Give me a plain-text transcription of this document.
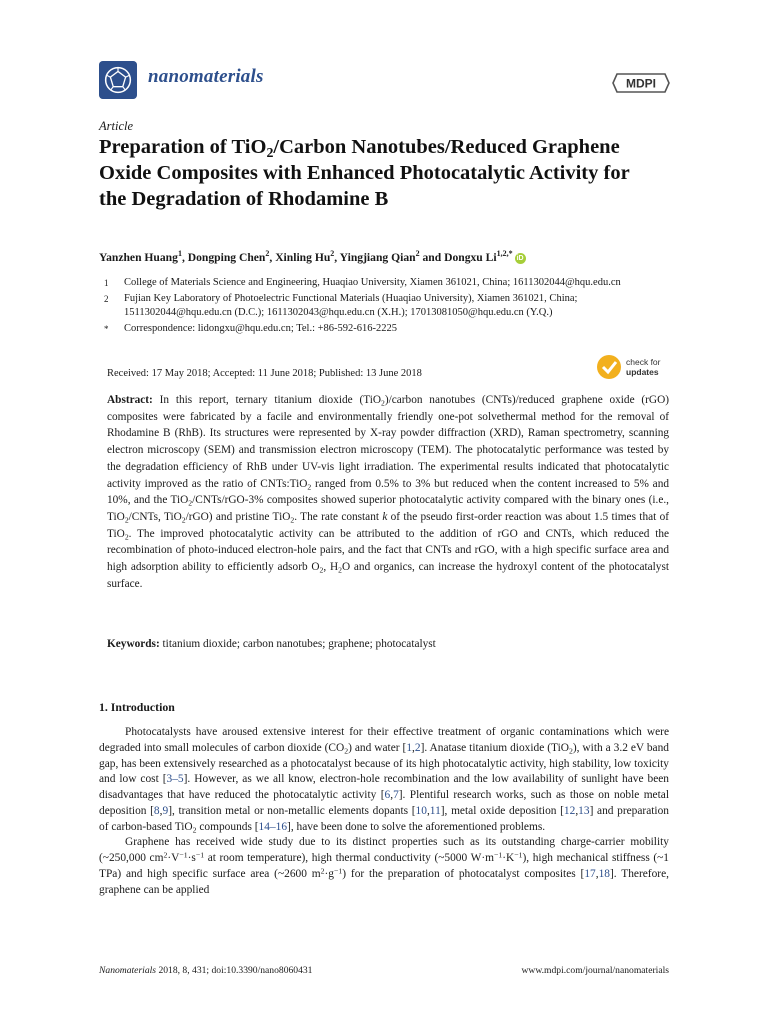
nanomaterials	MDPI
Article
Preparation of TiO$_2$/Carbon Nanotubes/Reduced Graphene Oxide Composites with Enhanced Photocatalytic Activity for the Degradation of Rhodamine B
Yanzhen Huang$^1$, Dongping Chen$^2$, Xinling Hu$^2$, Yingjiang Qian$^2$ and Dongxu $Li^{1,2,*}iD$
1	College of Materials Science and Engineering, Huaqiao University, Xiamen 361021, China; 1611302044@hqu.edu.cn
2	Fujian Key Laboratory of Photoelectric Functional Materials (Huaqiao University), Xiamen 361021, China; 1511302044@hqu.edu.cn (D.C.); 1611302043@hqu.edu.cn (X.H.); 17013081050@hqu.edu.cn (Y.Q.)
*	Correspondence: lidongxu@hqu.edu.cn; Tel.: +86-592-616-2225
Received: 17 May 2018; Accepted: 11 June 2018; Published: 13 June 2018
check for
updates
Abstract: In this report, ternary titanium dioxide (TiO$_2$)/carbon nanotubes (CNTs)/reduced graphene oxide (rGO) composites were fabricated by a facile and environmentally friendly one-pot solvethermal method for the removal of Rhodamine B (RhB). Its structures were represented by X-ray powder diffraction (XRD), Raman spectrometry, scanning electron microscopy (SEM) and transmission electron microscopy (TEM). The photocatalytic performance was tested by the degradation efficiency of RhB under UV-vis light irradiation. The experimental results indicated that photocatalytic activity improved as the ratio of CNTs:TiO$_2$ ranged from 0.5% to 3% but reduced when the content increased to 5% and 10%, and the TiO$_2$/CNTs/rGO-3% composites showed superior photocatalytic activity compared with the binary ones (i.e., TiO$_2$/CNTs, TiO$_2$/rGO) and pristine TiO$_2$. The rate constant k of the pseudo first-order reaction was about 1.5 times that of TiO$_2$. The improved photocatalytic activity can be attributed to the addition of rGO and CNTs, which reduced the recombination of photo-induced electron-hole pairs, and the fact that CNTs and rGO, with a high specific surface area and high adsorption ability to efficiently adsorb $O_2$, $H_2O$ and organics, can increase the hydroxyl content of the photocatalyst surface.
Keywords: titanium dioxide; carbon nanotubes; graphene; photocatalyst
1. Introduction

Photocatalysts have aroused extensive interest for their effective treatment of organic contaminations which were degraded into small molecules of carbon dioxide $(CO_2)$ and water [1,2]. Anatase titanium dioxide (TiO$_2$), with a 3.2 eV band gap, has been extensively researched as a photocatalyst because of its high photocatalytic activity, high stability, low toxicity and low cost [3–5]. However, as we all know, electron-hole recombination and the low availability of sunlight have been disadvantages that have reduced the photocatalytic activity [6,7]. Plentiful research works, such as those on noble metal deposition [8,9], transition metal or non-metallic elements dopants [10,11], metal oxide deposition [12,13] and preparation of carbon-based TiO$_2$ compounds [14–16], have been done to solve the aforementioned problems.

Graphene has received wide study due to its distinct properties such as its outstanding charge-carrier mobility (~250,000 $cm^2\cdot V^{-1}\cdot s^{-1}$ at room temperature), high thermal conductivity (~5000 $W\cdot m^{-1}\cdot K^{-1}$), high mechanical stiffness (~1 TPa) and high specific surface area (~2600 $m^2\cdot g^{-1}$) for the preparation of photocatalyst composites [17,18]. Therefore, graphene can be applied

Nanomaterials 2018, 8, 431; doi:10.3390/nano8060431	www.mdpi.com/journal/nanomaterials
